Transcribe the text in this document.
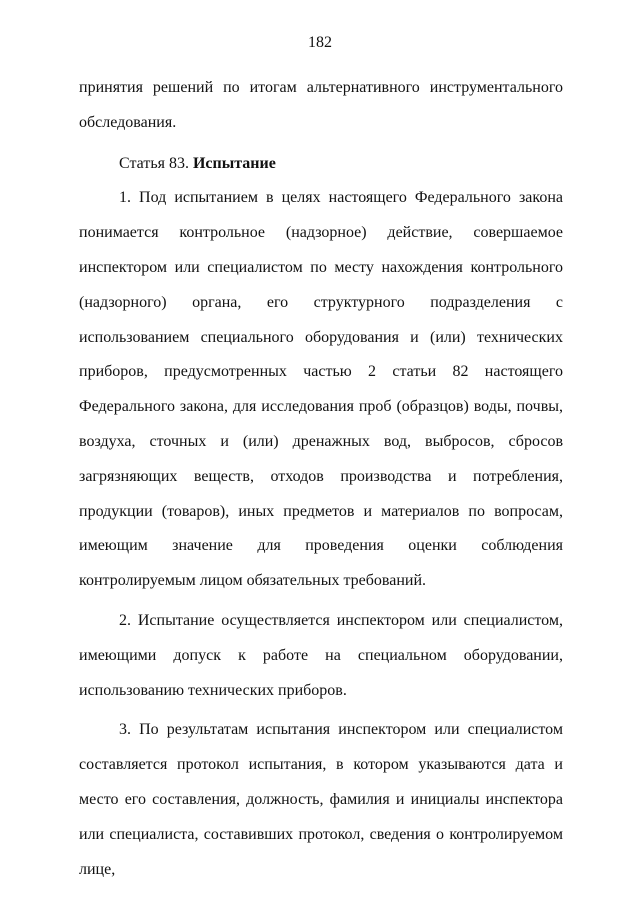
182

принятия решений по итогам альтернативного инструментального обследования.

Статья 83. Испытание

1. Под испытанием в целях настоящего Федерального закона понимается контрольное (надзорное) действие, совершаемое инспектором или специалистом по месту нахождения контрольного (надзорного) органа, его структурного подразделения с использованием специального оборудования и (или) технических приборов, предусмотренных частью 2 статьи 82 настоящего Федерального закона, для исследования проб (образцов) воды, почвы, воздуха, сточных и (или) дренажных вод, выбросов, сбросов загрязняющих веществ, отходов производства и потребления, продукции (товаров), иных предметов и материалов по вопросам, имеющим значение для проведения оценки соблюдения контролируемым лицом обязательных требований.

2. Испытание осуществляется инспектором или специалистом, имеющими допуск к работе на специальном оборудовании, использованию технических приборов.

3. По результатам испытания инспектором или специалистом составляется протокол испытания, в котором указываются дата и место его составления, должность, фамилия и инициалы инспектора или специалиста, составивших протокол, сведения о контролируемом лице,
